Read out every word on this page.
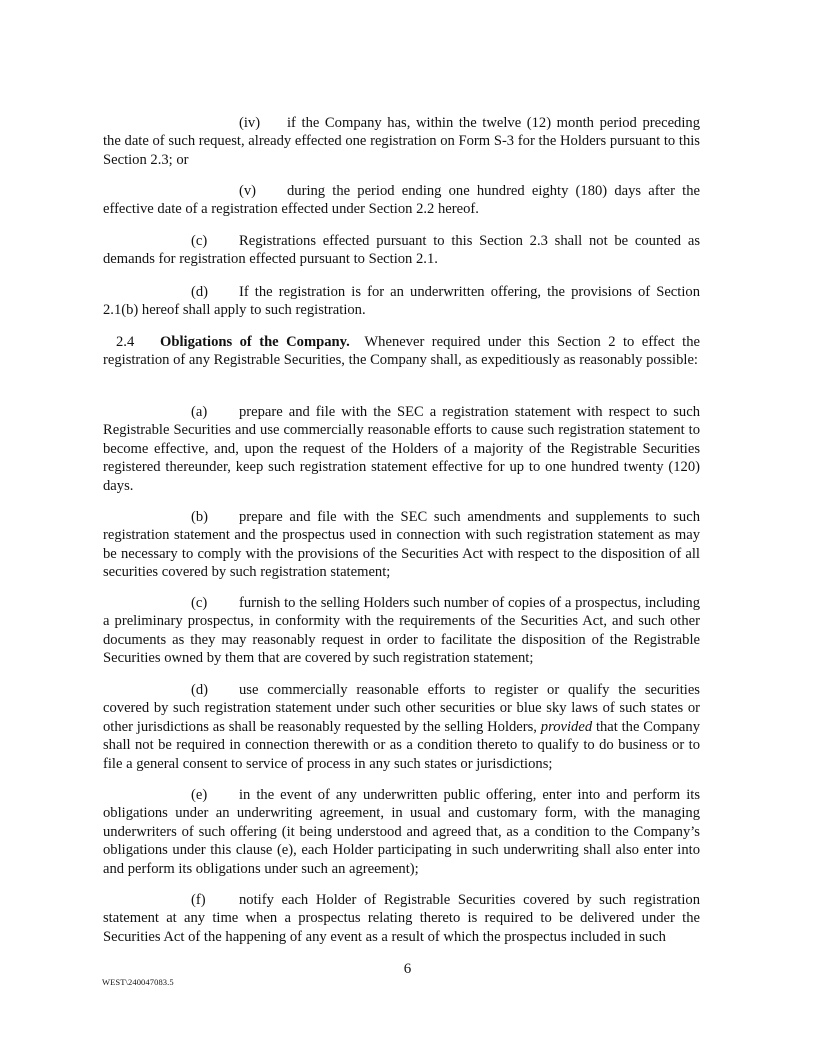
(iv) if the Company has, within the twelve (12) month period preceding the date of such request, already effected one registration on Form S-3 for the Holders pursuant to this Section 2.3; or

(v) during the period ending one hundred eighty (180) days after the effective date of a registration effected under Section 2.2 hereof.

(c) Registrations effected pursuant to this Section 2.3 shall not be counted as demands for registration effected pursuant to Section 2.1.

(d) If the registration is for an underwritten offering, the provisions of Section 2.1(b) hereof shall apply to such registration.

2.4 Obligations of the Company. Whenever required under this Section 2 to effect the registration of any Registrable Securities, the Company shall, as expeditiously as reasonably possible:

(a) prepare and file with the SEC a registration statement with respect to such Registrable Securities and use commercially reasonable efforts to cause such registration statement to become effective, and, upon the request of the Holders of a majority of the Registrable Securities registered thereunder, keep such registration statement effective for up to one hundred twenty (120) days.

(b) prepare and file with the SEC such amendments and supplements to such registration statement and the prospectus used in connection with such registration statement as may be necessary to comply with the provisions of the Securities Act with respect to the disposition of all securities covered by such registration statement;

(c) furnish to the selling Holders such number of copies of a prospectus, including a preliminary prospectus, in conformity with the requirements of the Securities Act, and such other documents as they may reasonably request in order to facilitate the disposition of the Registrable Securities owned by them that are covered by such registration statement;

(d) use commercially reasonable efforts to register or qualify the securities covered by such registration statement under such other securities or blue sky laws of such states or other jurisdictions as shall be reasonably requested by the selling Holders, provided that the Company shall not be required in connection therewith or as a condition thereto to qualify to do business or to file a general consent to service of process in any such states or jurisdictions;

(e) in the event of any underwritten public offering, enter into and perform its obligations under an underwriting agreement, in usual and customary form, with the managing underwriters of such offering (it being understood and agreed that, as a condition to the Company’s obligations under this clause (e), each Holder participating in such underwriting shall also enter into and perform its obligations under such an agreement);

(f) notify each Holder of Registrable Securities covered by such registration statement at any time when a prospectus relating thereto is required to be delivered under the Securities Act of the happening of any event as a result of which the prospectus included in such

6

WEST\240047083.5
